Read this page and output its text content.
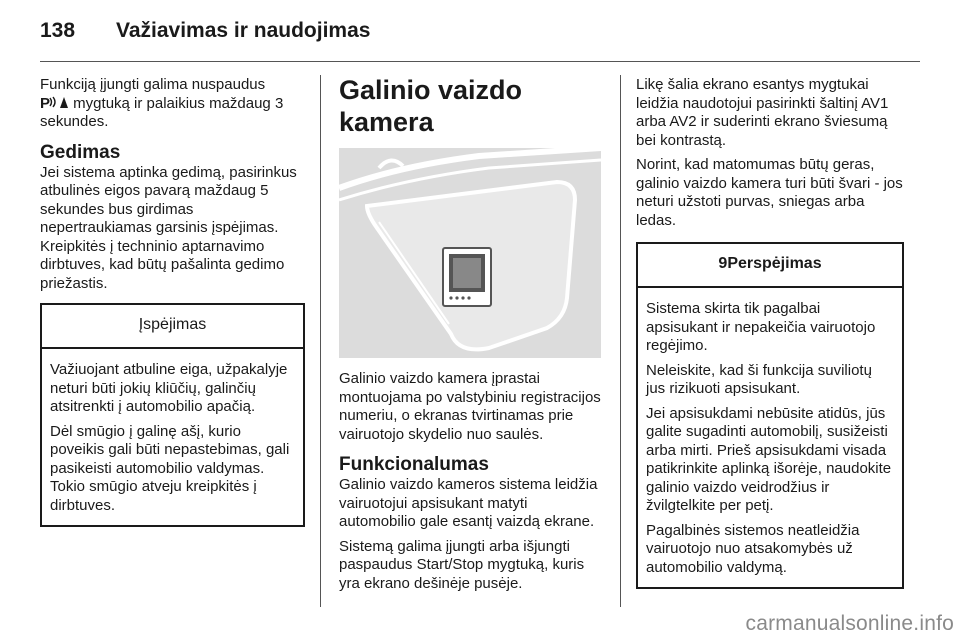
138 Važiavimas ir naudojimas

Funkciją įjungti galima nuspaudus
P mygtuką ir palaikius maždaug 3 sekundes.

Gedimas

Jei sistema aptinka gedimą, pasirinkus atbulinės eigos pavarą maždaug 5 sekundes bus girdimas nepertraukiamas garsinis įspėjimas. Kreipkitės į techninio aptarnavimo dirbtuves, kad būtų pašalinta gedimo priežastis.

Įspėjimas

Važiuojant atbuline eiga, užpakalyje neturi būti jokių kliūčių, galinčių atsitrenkti į automobilio apačią.

Dėl smūgio į galinę ašį, kurio poveikis gali būti nepastebimas, gali pasikeisti automobilio valdymas. Tokio smūgio atveju kreipkitės į dirbtuves.

Galinio vaizdo kamera

Galinio vaizdo kamera įprastai montuojama po valstybiniu registracijos numeriu, o ekranas tvirtinamas prie vairuotojo skydelio nuo saulės.

Funkcionalumas

Galinio vaizdo kameros sistema leidžia vairuotojui apsisukant matyti automobilio gale esantį vaizdą ekrane.

Sistemą galima įjungti arba išjungti paspaudus Start/Stop mygtuką, kuris yra ekrano dešinėje pusėje.

Likę šalia ekrano esantys mygtukai leidžia naudotojui pasirinkti šaltinį AV1 arba AV2 ir suderinti ekrano šviesumą bei kontrastą.

Norint, kad matomumas būtų geras, galinio vaizdo kamera turi būti švari - jos neturi užstoti purvas, sniegas arba ledas.

9Perspėjimas

Sistema skirta tik pagalbai apsisukant ir nepakeičia vairuotojo regėjimo.

Neleiskite, kad ši funkcija suviliotų jus rizikuoti apsisukant.

Jei apsisukdami nebūsite atidūs, jūs galite sugadinti automobilį, susižeisti arba mirti. Prieš apsisukdami visada patikrinkite aplinką išorėje, naudokite galinio vaizdo veidrodžius ir žvilgtelkite per petį.

Pagalbinės sistemos neatleidžia vairuotojo nuo atsakomybės už automobilio valdymą.

carmanualsonline.info
